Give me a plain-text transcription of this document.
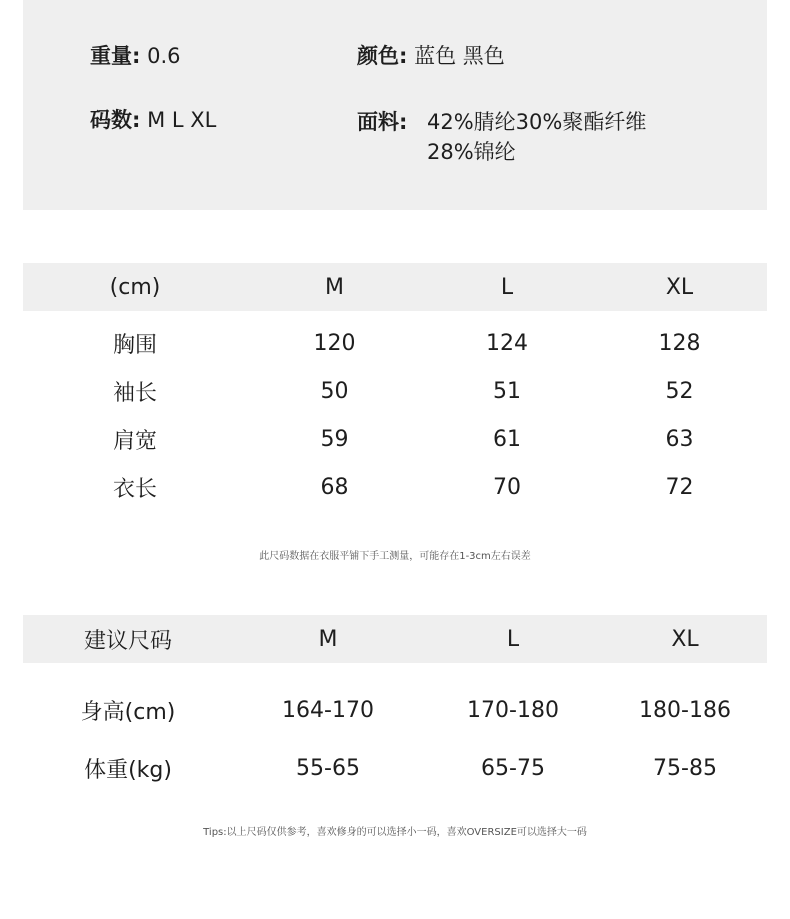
重量: 0.6	颜色: 蓝色 黑色
码数: M L XL	面料: 42%腈纶30%聚酯纤维
28%锦纶
(cm)	M	L	XL
胸围	120	124	128
袖长	50	51	52
肩宽	59	61	63
衣长	68	70	72
此尺码数据在衣服平铺下手工测量，可能存在1-3cm左右误差
建议尺码	M	L	XL
身高(cm)	164-170	170-180	180-186
体重(kg)	55-65	65-75	75-85
Tips:以上尺码仅供参考，喜欢修身的可以选择小一码，喜欢OVERSIZE可以选择大一码
